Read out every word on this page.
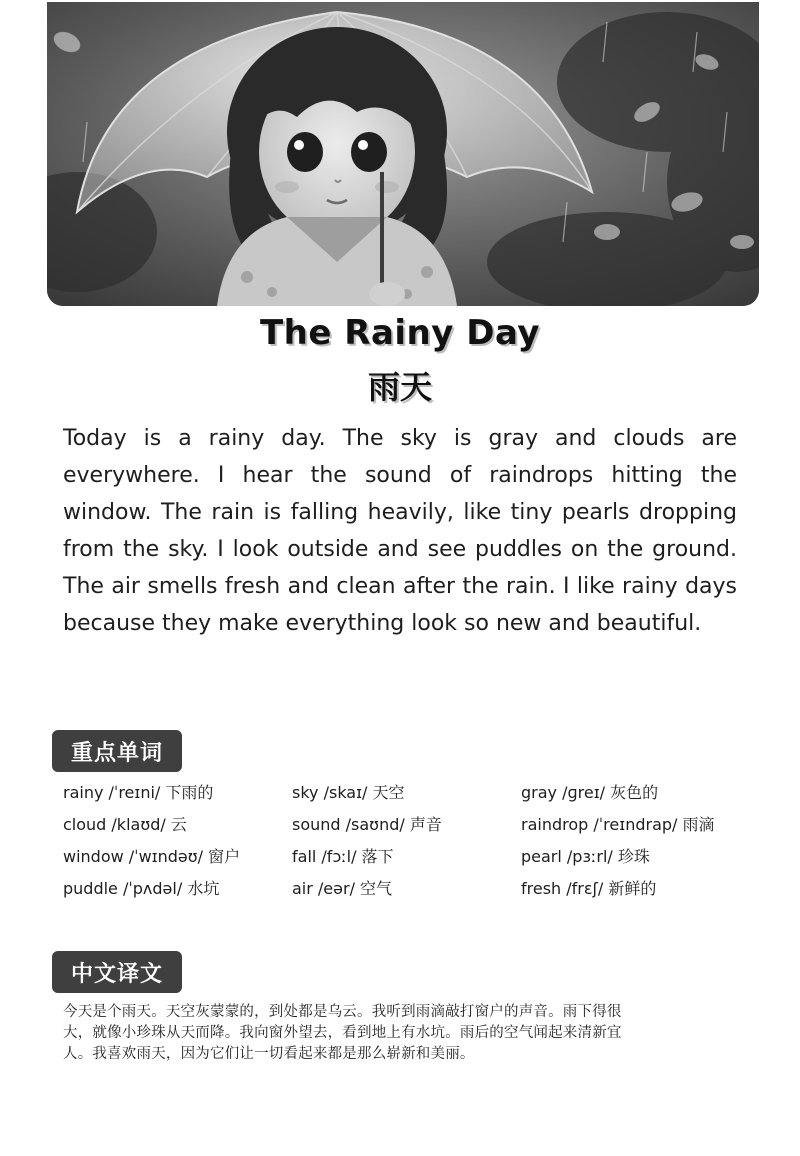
The Rainy Day
雨天
Today is a rainy day. The sky is gray and clouds are everywhere. I hear the sound of raindrops hitting the window. The rain is falling heavily, like tiny pearls dropping from the sky. I look outside and see puddles on the ground. The air smells fresh and clean after the rain. I like rainy days because they make everything look so new and beautiful.
重点单词
rainy /ˈreɪni/ 下雨的	sky /skaɪ/ 天空	gray /ɡreɪ/ 灰色的
cloud /klaʊd/ 云	sound /saʊnd/ 声音	raindrop /ˈreɪndrap/ 雨滴
window /ˈwɪndəʊ/ 窗户	fall /fɔːl/ 落下	pearl /pɜːrl/ 珍珠
puddle /ˈpʌdəl/ 水坑	air /eər/ 空气	fresh /frɛʃ/ 新鲜的
中文译文
今天是个雨天。天空灰蒙蒙的，到处都是乌云。我听到雨滴敲打窗户的声音。雨下得很大，就像小珍珠从天而降。我向窗外望去，看到地上有水坑。雨后的空气闻起来清新宜人。我喜欢雨天，因为它们让一切看起来都是那么崭新和美丽。
